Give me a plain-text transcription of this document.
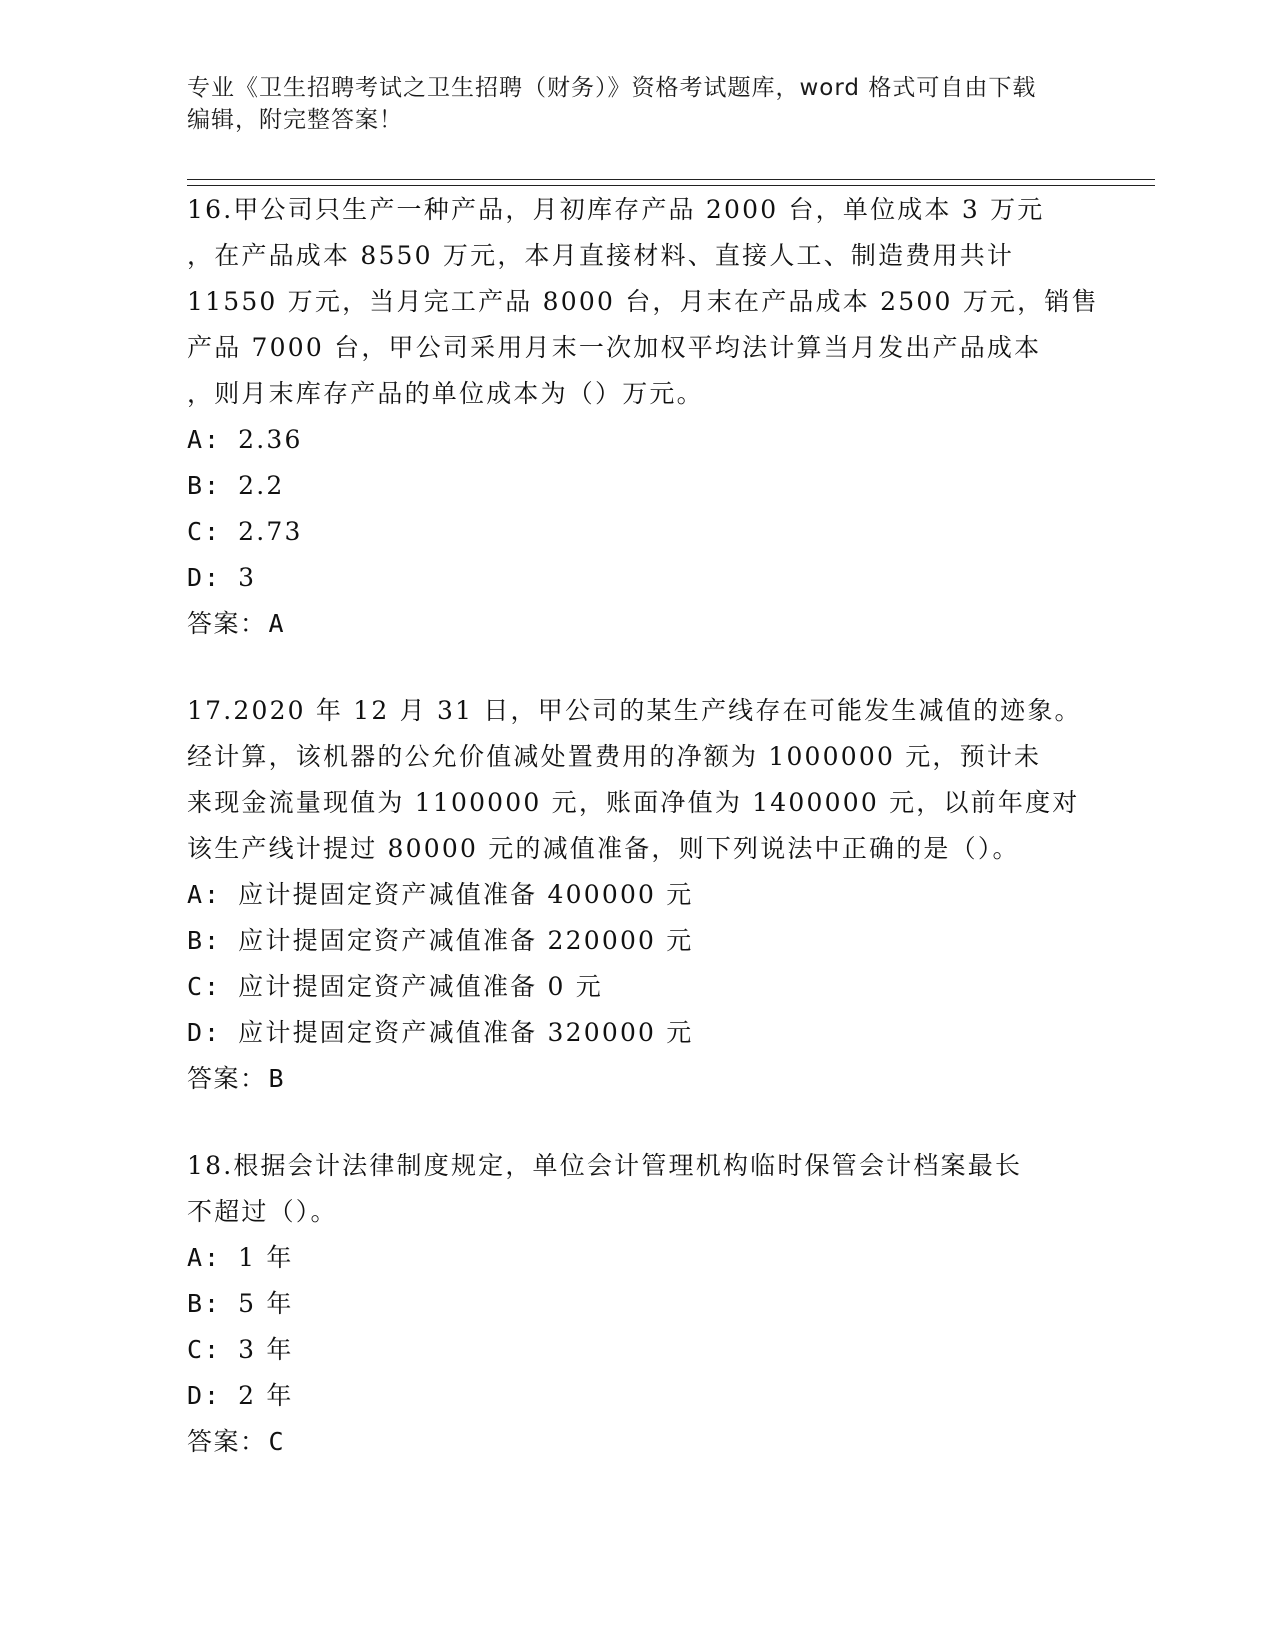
专业《卫生招聘考试之卫生招聘（财务）》资格考试题库，word 格式可自由下载
编辑，附完整答案！
16.甲公司只生产一种产品，月初库存产品 2000 台，单位成本 3 万元
，在产品成本 8550 万元，本月直接材料、直接人工、制造费用共计
11550 万元，当月完工产品 8000 台，月末在产品成本 2500 万元，销售
产品 7000 台，甲公司采用月末一次加权平均法计算当月发出产品成本
，则月末库存产品的单位成本为（）万元。
A: 2.36
B: 2.2
C: 2.73
D: 3
答案：A
17.2020 年 12 月 31 日，甲公司的某生产线存在可能发生减值的迹象。
经计算，该机器的公允价值减处置费用的净额为 1000000 元，预计未
来现金流量现值为 1100000 元，账面净值为 1400000 元，以前年度对
该生产线计提过 80000 元的减值准备，则下列说法中正确的是（）。
A: 应计提固定资产减值准备 400000 元
B: 应计提固定资产减值准备 220000 元
C: 应计提固定资产减值准备 0 元
D: 应计提固定资产减值准备 320000 元
答案：B
18.根据会计法律制度规定，单位会计管理机构临时保管会计档案最长
不超过（）。
A: 1 年
B: 5 年
C: 3 年
D: 2 年
答案：C
